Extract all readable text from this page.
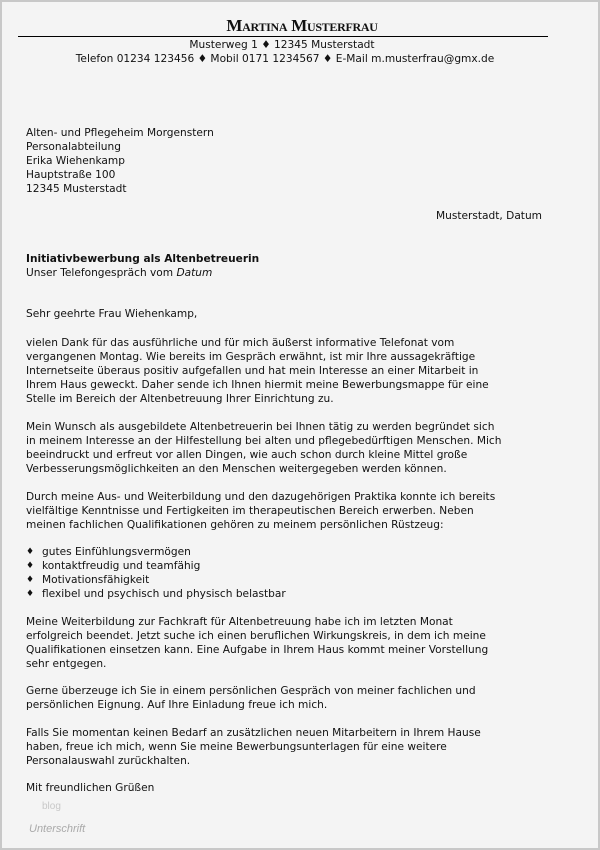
Martina Musterfrau
Musterweg 1 ♦ 12345 Musterstadt
Telefon 01234 123456 ♦ Mobil 0171 1234567 ♦ E-Mail m.musterfrau@gmx.de
Alten- und Pflegeheim Morgenstern
Personalabteilung
Erika Wiehenkamp
Hauptstraße 100
12345 Musterstadt
Musterstadt, Datum
Initiativbewerbung als Altenbetreuerin
Unser Telefongespräch vom Datum
Sehr geehrte Frau Wiehenkamp,
vielen Dank für das ausführliche und für mich äußerst informative Telefonat vom
vergangenen Montag. Wie bereits im Gespräch erwähnt, ist mir Ihre aussagekräftige
Internetseite überaus positiv aufgefallen und hat mein Interesse an einer Mitarbeit in
Ihrem Haus geweckt. Daher sende ich Ihnen hiermit meine Bewerbungsmappe für eine
Stelle im Bereich der Altenbetreuung Ihrer Einrichtung zu.
Mein Wunsch als ausgebildete Altenbetreuerin bei Ihnen tätig zu werden begründet sich
in meinem Interesse an der Hilfestellung bei alten und pflegebedürftigen Menschen. Mich
beeindruckt und erfreut vor allen Dingen, wie auch schon durch kleine Mittel große
Verbesserungsmöglichkeiten an den Menschen weitergegeben werden können.
Durch meine Aus- und Weiterbildung und den dazugehörigen Praktika konnte ich bereits
vielfältige Kenntnisse und Fertigkeiten im therapeutischen Bereich erwerben. Neben
meinen fachlichen Qualifikationen gehören zu meinem persönlichen Rüstzeug:
♦ gutes Einfühlungsvermögen
♦ kontaktfreudig und teamfähig
♦ Motivationsfähigkeit
♦ flexibel und psychisch und physisch belastbar
Meine Weiterbildung zur Fachkraft für Altenbetreuung habe ich im letzten Monat
erfolgreich beendet. Jetzt suche ich einen beruflichen Wirkungskreis, in dem ich meine
Qualifikationen einsetzen kann. Eine Aufgabe in Ihrem Haus kommt meiner Vorstellung
sehr entgegen.
Gerne überzeuge ich Sie in einem persönlichen Gespräch von meiner fachlichen und
persönlichen Eignung. Auf Ihre Einladung freue ich mich.
Falls Sie momentan keinen Bedarf an zusätzlichen neuen Mitarbeitern in Ihrem Hause
haben, freue ich mich, wenn Sie meine Bewerbungsunterlagen für eine weitere
Personalauswahl zurückhalten.
Mit freundlichen Grüßen
blog
Unterschrift
